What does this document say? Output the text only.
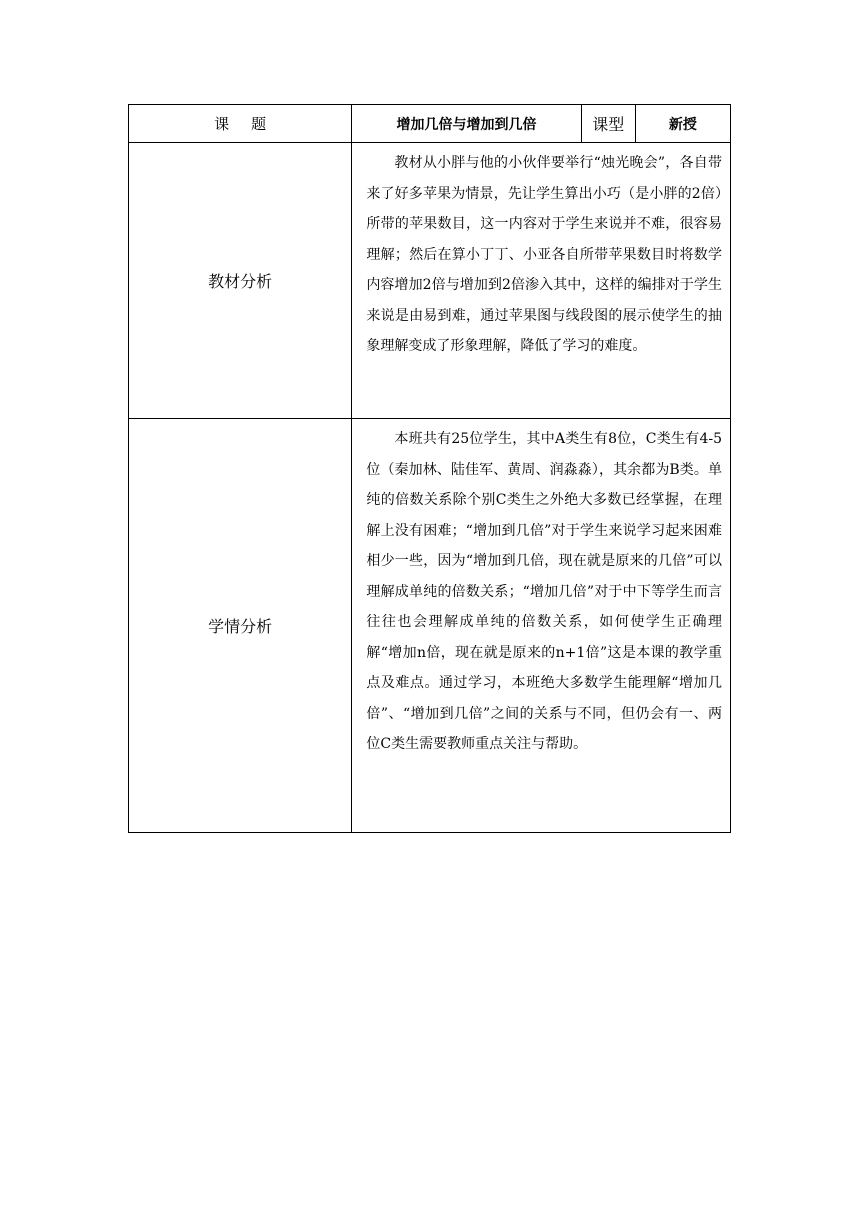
课题	增加几倍与增加到几倍	课型	新授
教材分析	教材从小胖与他的小伙伴要举行“烛光晚会”，各自带来了好多苹果为情景，先让学生算出小巧（是小胖的2倍）所带的苹果数目，这一内容对于学生来说并不难，很容易理解；然后在算小丁丁、小亚各自所带苹果数目时将数学内容增加2倍与增加到2倍渗入其中，这样的编排对于学生来说是由易到难，通过苹果图与线段图的展示使学生的抽象理解变成了形象理解，降低了学习的难度。		

学情分析	本班共有25位学生，其中A类生有8位，C类生有4-5位（秦加林、陆佳军、黄周、润淼淼），其余都为B类。单纯的倍数关系除个别C类生之外绝大多数已经掌握，在理解上没有困难；“增加到几倍”对于学生来说学习起来困难相少一些，因为“增加到几倍，现在就是原来的几倍”可以理解成单纯的倍数关系；“增加几倍”对于中下等学生而言往往也会理解成单纯的倍数关系，如何使学生正确理解“增加n倍，现在就是原来的n+1倍”这是本课的教学重点及难点。通过学习，本班绝大多数学生能理解“增加几倍”、“增加到几倍”之间的关系与不同，但仍会有一、两位C类生需要教师重点关注与帮助。		
